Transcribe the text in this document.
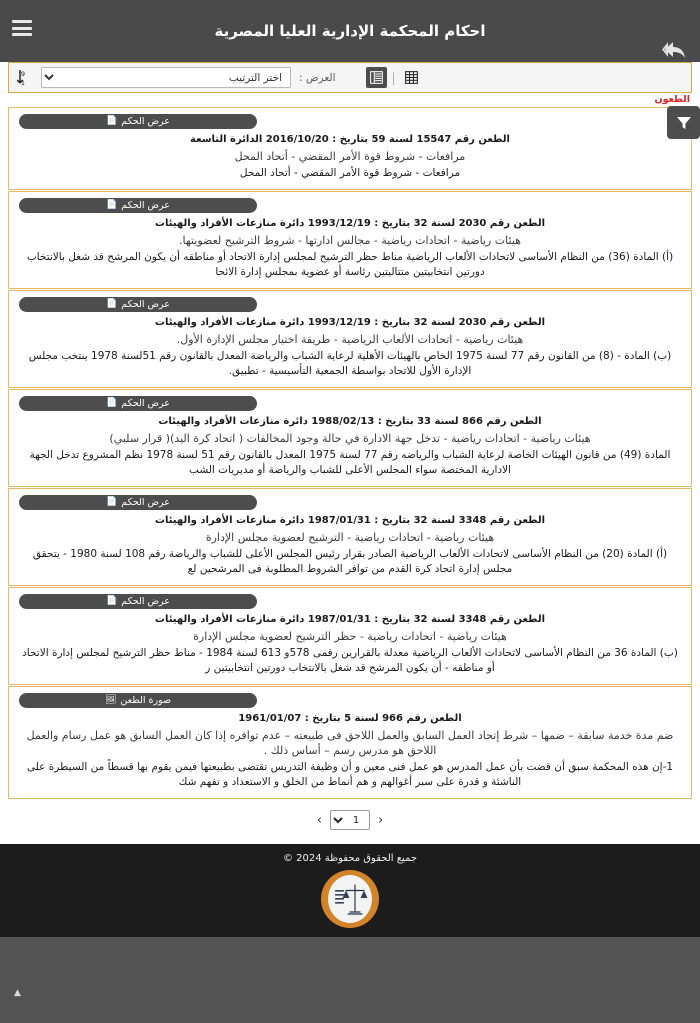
احكام المحكمة الإدارية العليا المصرية
9
1
اختر الترتيب	العرض :	|
الطعون
📄 عرض الحكم
الطعن رقم 15547 لسنة 59 بتاريخ : 2016/10/20 الدائرة التاسعة
مرافعات - شروط قوة الأمر المقضي - أتحاد المحل
مرافعات - شروط قوة الأمر المقضي - أتحاد المحل
📄 عرض الحكم
الطعن رقم 2030 لسنة 32 بتاريخ : 1993/12/19 دائرة منازعات الأفراد والهيئات
هيئات رياضية - اتحادات رياضية - مجالس ادارتها - شروط الترشيح لعضويتها.
(أ) المادة (36) من النظام الأساسى لاتحادات الألعاب الرياضية مناط حظر الترشيح لمجلس إدارة الاتحاد أو مناطقه أن يكون المرشح قد شغل بالانتخاب دورتين انتخابيتين متتاليتين رئاسة أو عضوية بمجلس إدارة الائحا
📄 عرض الحكم
الطعن رقم 2030 لسنة 32 بتاريخ : 1993/12/19 دائرة منازعات الأفراد والهيئات
هيئات رياضية - اتحادات الألعاب الرياضية - طريقة اختيار مجلس الإدارة الأول.
(ب) المادة - (8) من القانون رقم 77 لسنة 1975 الخاص بالهيئات الأهلية لرعاية الشباب والرياضة المعدل بالقانون رقم 51لسنة 1978 ينتخب مجلس الإدارة الأول للاتحاد بواسطة الجمعية التأسيسية - تطبيق.
📄 عرض الحكم
الطعن رقم 866 لسنة 33 بتاريخ : 1988/02/13 دائرة منازعات الأفراد والهيئات
هيئات رياضية - اتحادات رياضية - تدخل جهة الادارة في حالة وجود المخالفات ( اتحاد كرة اليد)( قرار سلبي)
المادة (49) من قانون الهيئات الخاصة لرعاية الشباب والرياضه رقم 77 لسنة 1975 المعدل بالقانون رقم 51 لسنة 1978 نظم المشروع تدخل الجهة الادارية المختصة سواء المجلس الأعلى للشباب والرياضة أو مديريات الشب
📄 عرض الحكم
الطعن رقم 3348 لسنة 32 بتاريخ : 1987/01/31 دائرة منازعات الأفراد والهيئات
هيئات رياضية - اتحادات رياضية - الترشيح لعضوية مجلس الإدارة
(أ) المادة (20) من النظام الأساسى لاتحادات الألعاب الرياضية الصادر بقرار رئيس المجلس الأعلى للشباب والرياضة رقم 108 لسنة 1980 - يتحقق مجلس إدارة اتحاد كرة القدم من توافر الشروط المطلوبة فى المرشحين لع
📄 عرض الحكم
الطعن رقم 3348 لسنة 32 بتاريخ : 1987/01/31 دائرة منازعات الأفراد والهيئات
هيئات رياضية - اتحادات رياضية - حظر الترشيح لعضوية مجلس الإدارة
(ب) المادة 36 من النظام الأساسى لاتحادات الألعاب الرياضية معدلة بالقرارين رقمى 578و 613 لسنة 1984 - مناط حظر الترشيح لمجلس إدارة الاتحاد أو مناطقه - أن يكون المرشح قد شغل بالانتخاب دورتين انتخابيتين ر
🖼 صورة الطعن
الطعن رقم 966 لسنة 5 بتاريخ : 1961/01/07
ضم مدة خدمة سابقة – ضمها – شرط إتحاد العمل السابق والعمل اللاحق فى طبيعته – عدم توافره إذا كان العمل السابق هو عمل رسام والعمل اللاحق هو مدرس رسم – أساس ذلك .
1-إن هذه المحكمة سبق أن قضت بأن عمل المدرس هو عمل فنى معين و أن وظيفة التدريس تقتضى بطبيعتها فيمن يقوم بها قسطاً من السيطرة على الناشئة و قدرة على سبر أغوالهم و هم أنماط من الخلق و الاستعداد و تفهم شك
‹
1
›
جميع الحقوق محفوظة 2024 ©
▲
